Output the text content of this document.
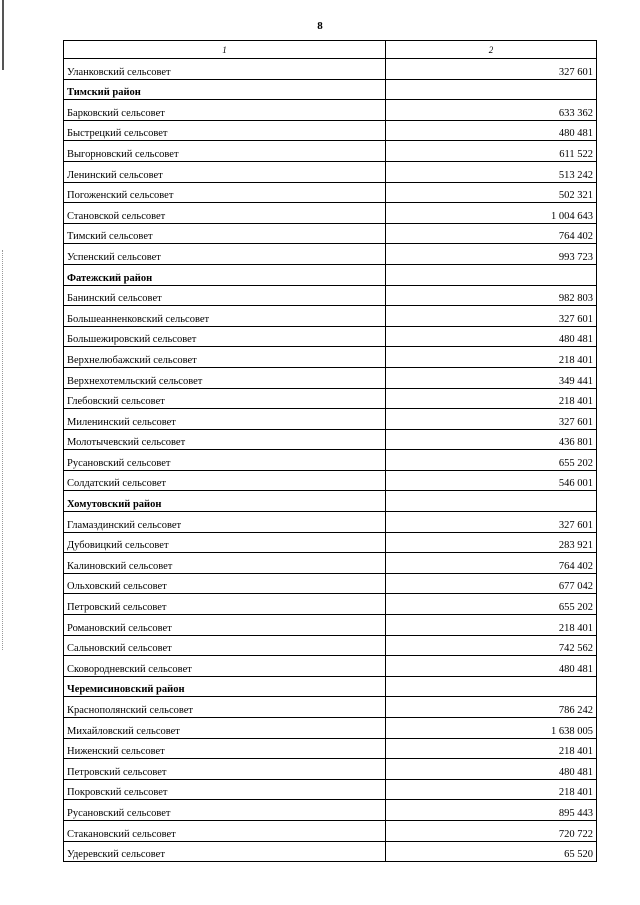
8
1	2
Уланковский сельсовет	327 601
Тимский район	
Барковский сельсовет	633 362
Быстрецкий сельсовет	480 481
Выгорновский сельсовет	611 522
Ленинский сельсовет	513 242
Погоженский сельсовет	502 321
Становской сельсовет	1 004 643
Тимский сельсовет	764 402
Успенский сельсовет	993 723
Фатежский район	
Банинский сельсовет	982 803
Большеанненковский сельсовет	327 601
Большежировский сельсовет	480 481
Верхнелюбажский сельсовет	218 401
Верхнехотемльский сельсовет	349 441
Глебовский сельсовет	218 401
Миленинский сельсовет	327 601
Молотычевский сельсовет	436 801
Русановский сельсовет	655 202
Солдатский сельсовет	546 001
Хомутовский район	
Гламаздинский сельсовет	327 601
Дубовицкий сельсовет	283 921
Калиновский сельсовет	764 402
Ольховский сельсовет	677 042
Петровский сельсовет	655 202
Романовский сельсовет	218 401
Сальновский сельсовет	742 562
Сковородневский сельсовет	480 481
Черемисиновский район	
Краснополянский сельсовет	786 242
Михайловский сельсовет	1 638 005
Ниженский сельсовет	218 401
Петровский сельсовет	480 481
Покровский сельсовет	218 401
Русановский сельсовет	895 443
Стакановский сельсовет	720 722
Удеревский сельсовет	65 520
